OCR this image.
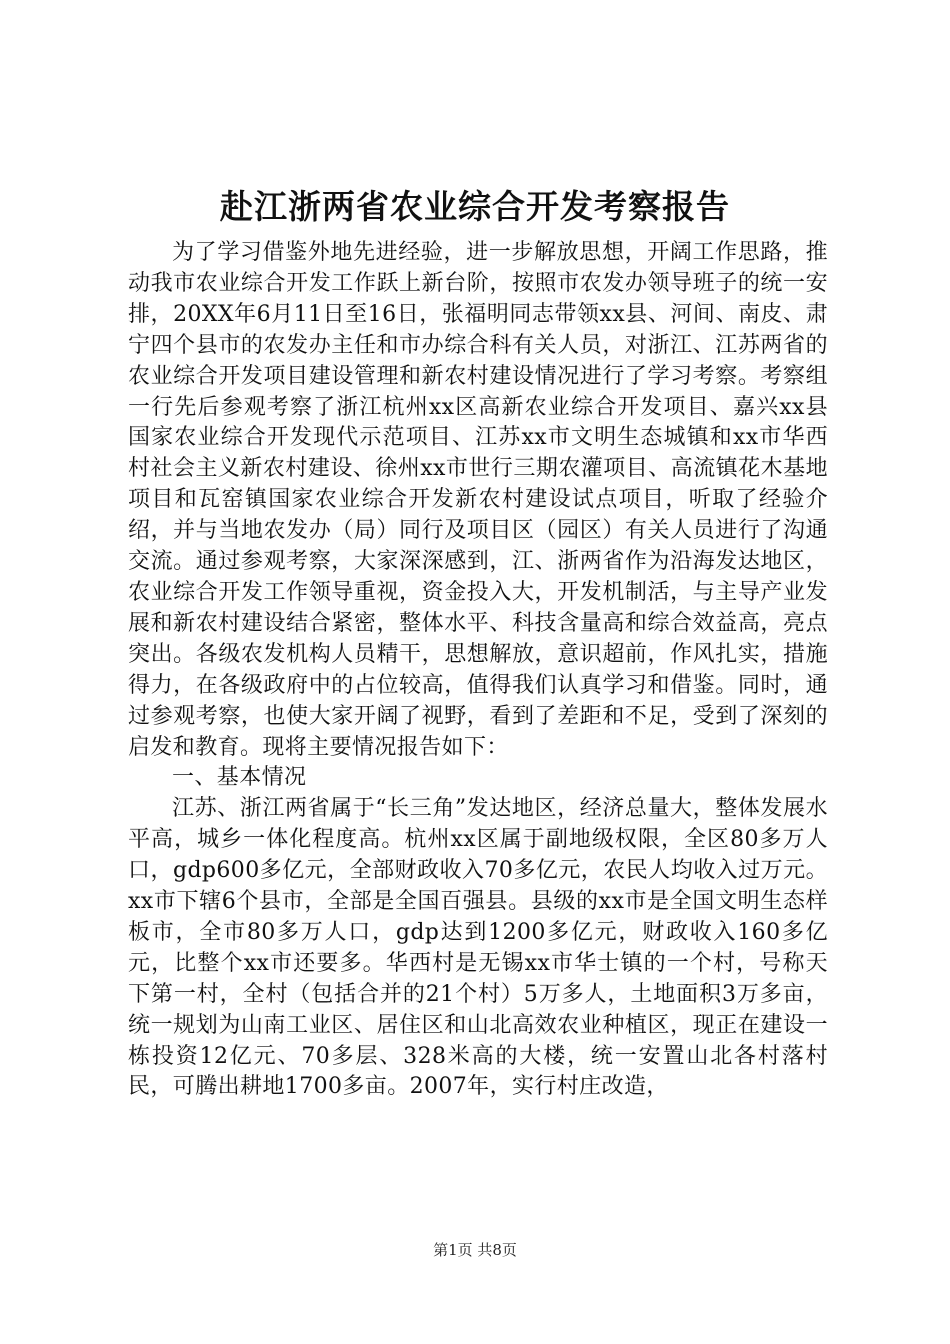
赴江浙两省农业综合开发考察报告

为了学习借鉴外地先进经验，进一步解放思想，开阔工作思路，推动我市农业综合开发工作跃上新台阶，按照市农发办领导班子的统一安排，20XX年6月11日至16日，张福明同志带领xx县、河间、南皮、肃宁四个县市的农发办主任和市办综合科有关人员，对浙江、江苏两省的农业综合开发项目建设管理和新农村建设情况进行了学习考察。考察组一行先后参观考察了浙江杭州xx区高新农业综合开发项目、嘉兴xx县国家农业综合开发现代示范项目、江苏xx市文明生态城镇和xx市华西村社会主义新农村建设、徐州xx市世行三期农灌项目、高流镇花木基地项目和瓦窑镇国家农业综合开发新农村建设试点项目，听取了经验介绍，并与当地农发办（局）同行及项目区（园区）有关人员进行了沟通交流。通过参观考察，大家深深感到，江、浙两省作为沿海发达地区，农业综合开发工作领导重视，资金投入大，开发机制活，与主导产业发展和新农村建设结合紧密，整体水平、科技含量高和综合效益高，亮点突出。各级农发机构人员精干，思想解放，意识超前，作风扎实，措施得力，在各级政府中的占位较高，值得我们认真学习和借鉴。同时，通过参观考察，也使大家开阔了视野，看到了差距和不足，受到了深刻的启发和教育。现将主要情况报告如下：

一、基本情况

江苏、浙江两省属于“长三角”发达地区，经济总量大，整体发展水平高，城乡一体化程度高。杭州xx区属于副地级权限，全区80多万人口，gdp600多亿元，全部财政收入70多亿元，农民人均收入过万元。xx市下辖6个县市，全部是全国百强县。县级的xx市是全国文明生态样板市，全市80多万人口，gdp达到1200多亿元，财政收入160多亿元，比整个xx市还要多。华西村是无锡xx市华士镇的一个村，号称天下第一村，全村（包括合并的21个村）5万多人，土地面积3万多亩，统一规划为山南工业区、居住区和山北高效农业种植区，现正在建设一栋投资12亿元、70多层、328米高的大楼，统一安置山北各村落村民，可腾出耕地1700多亩。2007年，实行村庄改造，

第1页 共8页
